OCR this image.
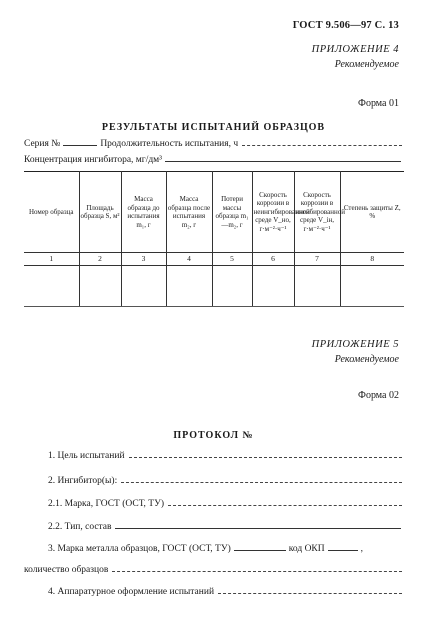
ГОСТ 9.506—97 С. 13
ПРИЛОЖЕНИЕ 4
Рекомендуемое
Форма 01
РЕЗУЛЬТАТЫ ИСПЫТАНИЙ ОБРАЗЦОВ
Серия №	Продолжительность испытания, ч
Концентрация ингибитора, мг/дм³
Номер образца	Площадь образца S, м²	Масса образца до испытания m₁, г	Масса образца после испытания m₂, г	Потери массы образца m₁—m₂, г	Скорость коррозии в неингибированной среде V_но, г·м⁻²·ч⁻¹	Скорость коррозии в ингибированной среде V_ін, г·м⁻²·ч⁻¹	Степень защиты Z, %
1	2	3	4	5	6	7	8

ПРИЛОЖЕНИЕ 5
Рекомендуемое
Форма 02
ПРОТОКОЛ №
1. Цель испытаний
2. Ингибитор(ы):
2.1. Марка, ГОСТ (ОСТ, ТУ)
2.2. Тип, состав
3. Марка металла образцов, ГОСТ (ОСТ, ТУ)	код ОКП	,
количество образцов
4. Аппаратурное оформление испытаний
